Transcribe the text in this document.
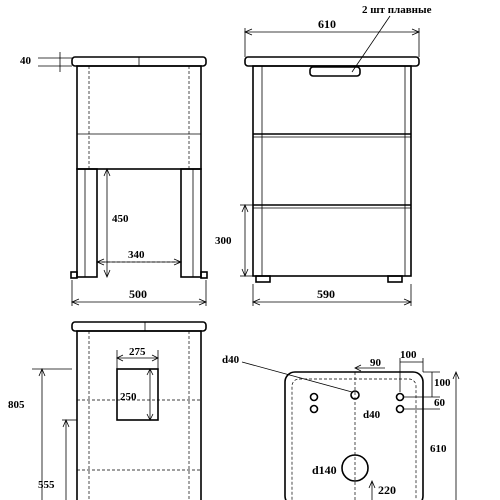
40
450
340
500
610
2 шт плавные
300
590
275
250
805
555
d40	90
100
100
60
d40
610
d140
220
